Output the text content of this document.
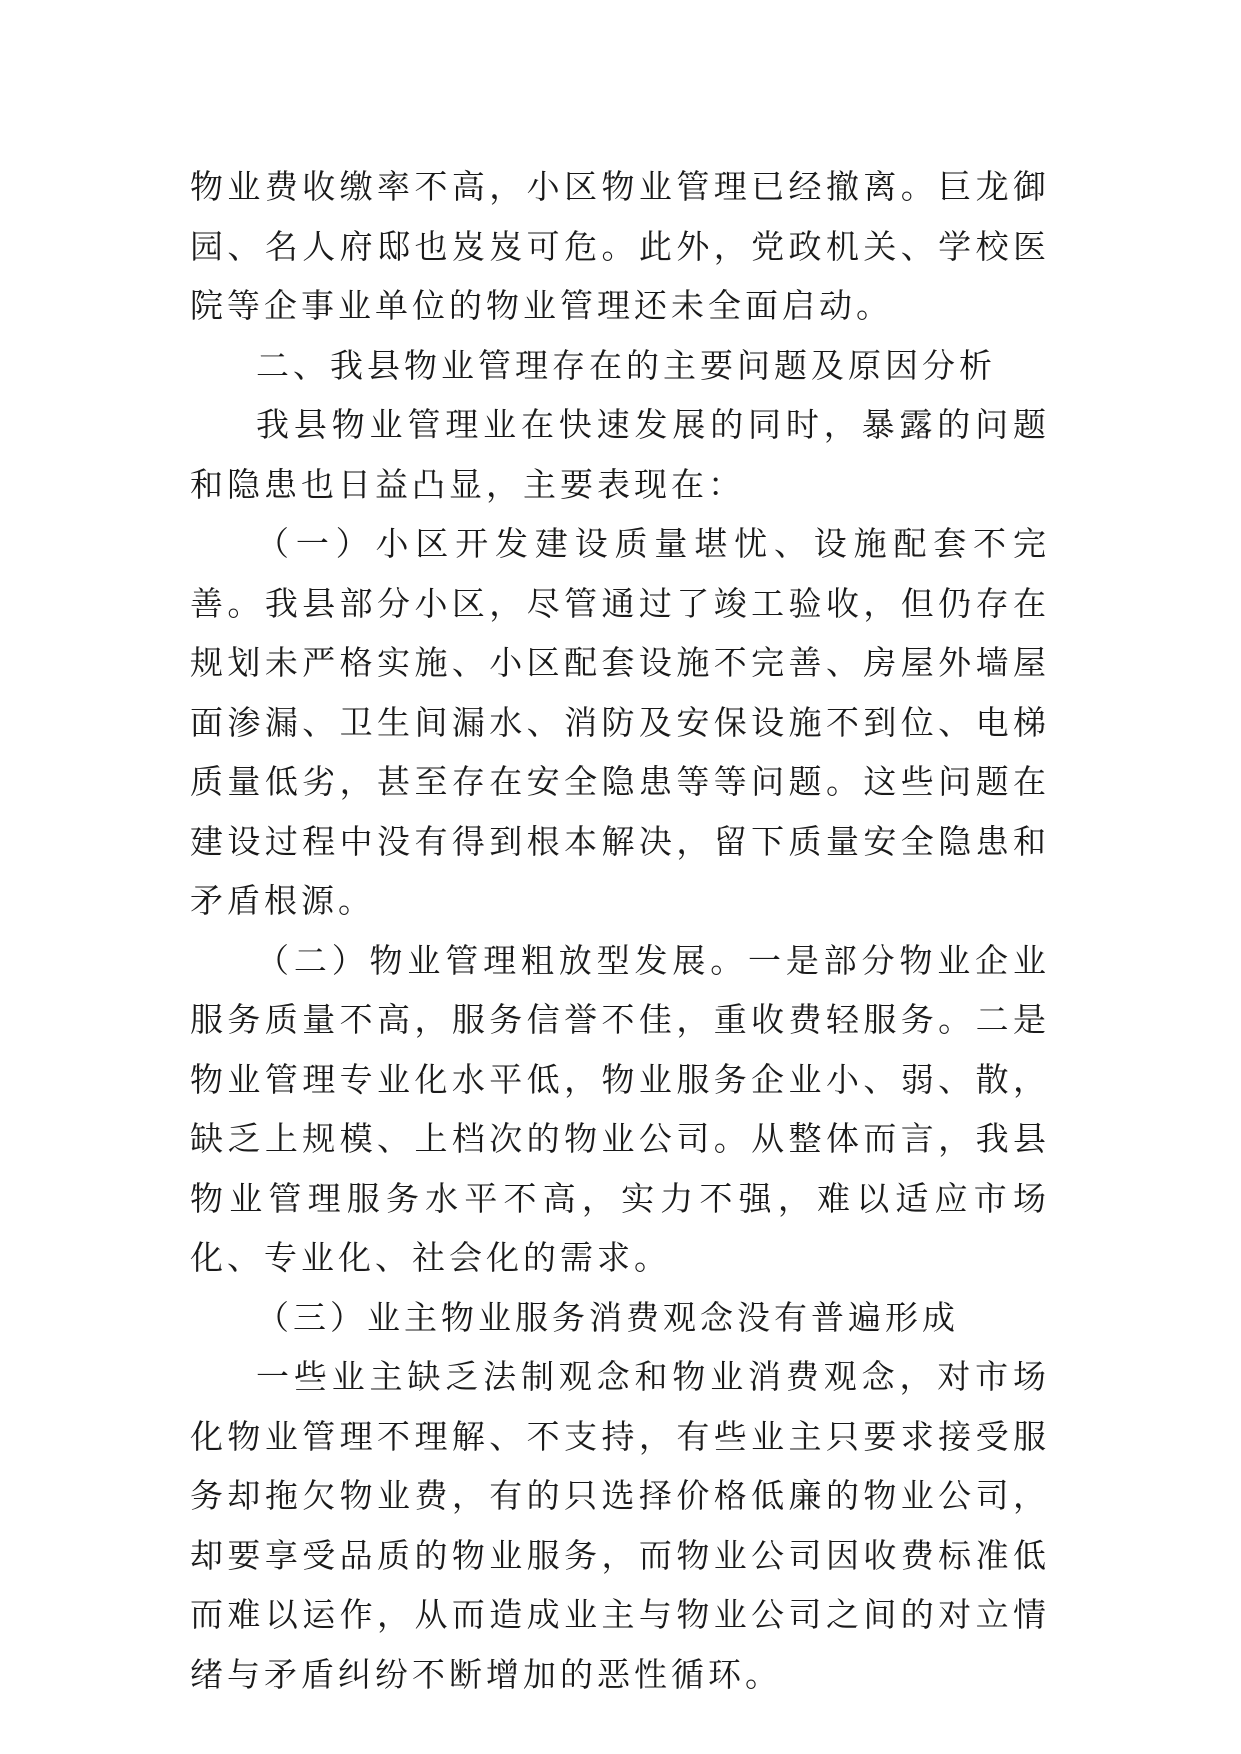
物业费收缴率不高，小区物业管理已经撤离。巨龙御园、名人府邸也岌岌可危。此外，党政机关、学校医院等企事业单位的物业管理还未全面启动。

二、我县物业管理存在的主要问题及原因分析

我县物业管理业在快速发展的同时，暴露的问题和隐患也日益凸显，主要表现在：

（一）小区开发建设质量堪忧、设施配套不完善。我县部分小区，尽管通过了竣工验收，但仍存在规划未严格实施、小区配套设施不完善、房屋外墙屋面渗漏、卫生间漏水、消防及安保设施不到位、电梯质量低劣，甚至存在安全隐患等等问题。这些问题在建设过程中没有得到根本解决，留下质量安全隐患和矛盾根源。

（二）物业管理粗放型发展。一是部分物业企业服务质量不高，服务信誉不佳，重收费轻服务。二是物业管理专业化水平低，物业服务企业小、弱、散，缺乏上规模、上档次的物业公司。从整体而言，我县物业管理服务水平不高，实力不强，难以适应市场化、专业化、社会化的需求。

（三）业主物业服务消费观念没有普遍形成

一些业主缺乏法制观念和物业消费观念，对市场化物业管理不理解、不支持，有些业主只要求接受服务却拖欠物业费，有的只选择价格低廉的物业公司，却要享受品质的物业服务，而物业公司因收费标准低而难以运作，从而造成业主与物业公司之间的对立情绪与矛盾纠纷不断增加的恶性循环。
